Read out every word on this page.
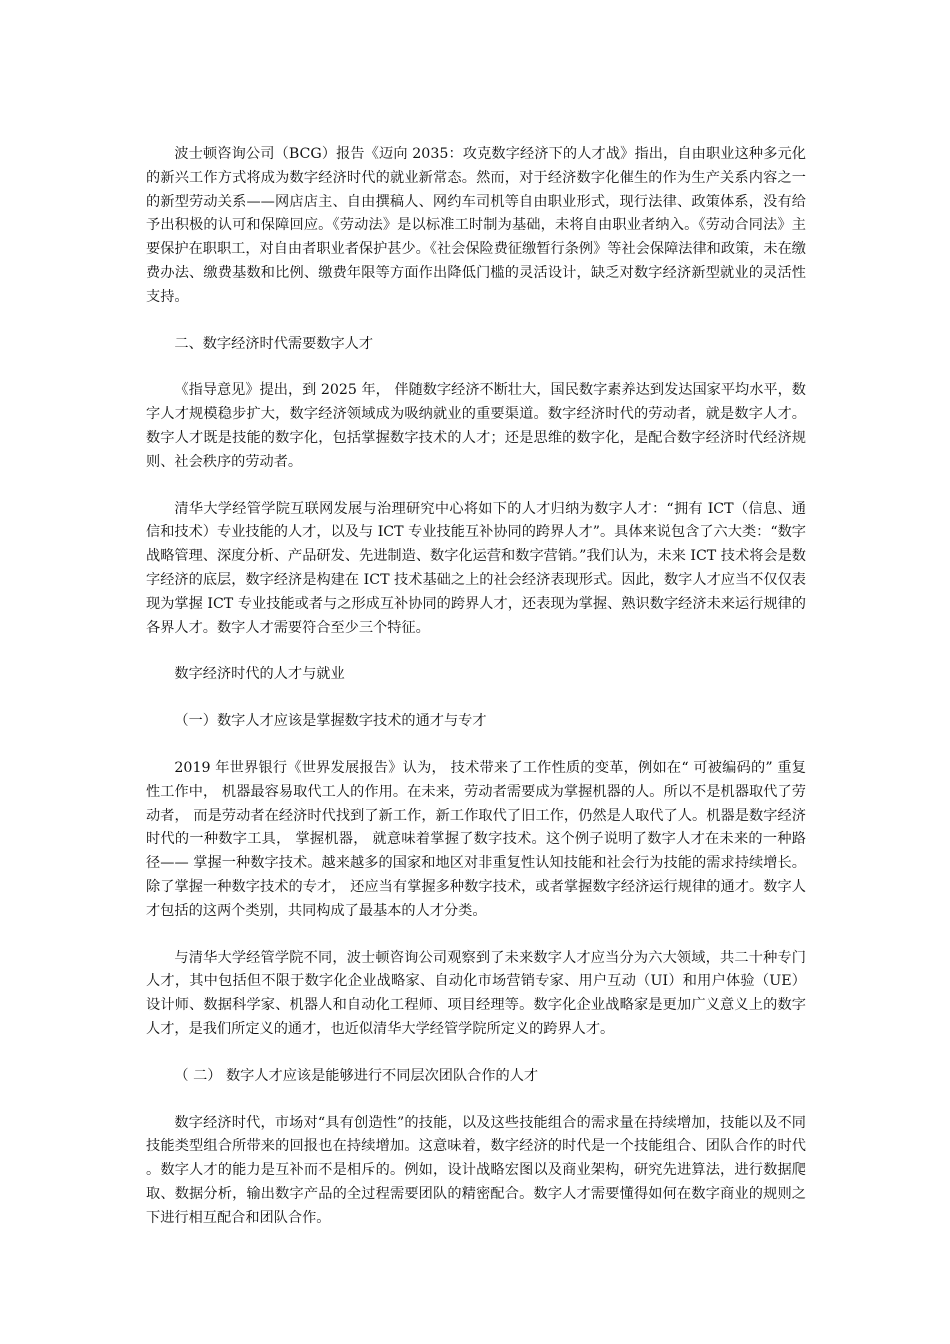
波士顿咨询公司（BCG）报告《迈向 2035：攻克数字经济下的人才战》指出，自由职业这种多元化的新兴工作方式将成为数字经济时代的就业新常态。然而，对于经济数字化催生的作为生产关系内容之一的新型劳动关系——网店店主、自由撰稿人、网约车司机等自由职业形式，现行法律、政策体系，没有给予出积极的认可和保障回应。《劳动法》是以标准工时制为基础，未将自由职业者纳入。《劳动合同法》主要保护在职职工，对自由者职业者保护甚少。《社会保险费征缴暂行条例》等社会保障法律和政策，未在缴费办法、缴费基数和比例、缴费年限等方面作出降低门槛的灵活设计，缺乏对数字经济新型就业的灵活性支持。

二、数字经济时代需要数字人才

《指导意见》提出，到 2025 年， 伴随数字经济不断壮大，国民数字素养达到发达国家平均水平，数字人才规模稳步扩大，数字经济领域成为吸纳就业的重要渠道。数字经济时代的劳动者，就是数字人才。数字人才既是技能的数字化，包括掌握数字技术的人才；还是思维的数字化，是配合数字经济时代经济规则、社会秩序的劳动者。

清华大学经管学院互联网发展与治理研究中心将如下的人才归纳为数字人才：“拥有 ICT（信息、通信和技术）专业技能的人才，以及与 ICT 专业技能互补协同的跨界人才”。具体来说包含了六大类：“数字战略管理、深度分析、产品研发、先进制造、数字化运营和数字营销。”我们认为，未来 ICT 技术将会是数字经济的底层，数字经济是构建在 ICT 技术基础之上的社会经济表现形式。因此，数字人才应当不仅仅表现为掌握 ICT 专业技能或者与之形成互补协同的跨界人才，还表现为掌握、熟识数字经济未来运行规律的各界人才。数字人才需要符合至少三个特征。

数字经济时代的人才与就业

（一）数字人才应该是掌握数字技术的通才与专才

2019 年世界银行《世界发展报告》认为， 技术带来了工作性质的变革，例如在“ 可被编码的” 重复性工作中， 机器最容易取代工人的作用。在未来，劳动者需要成为掌握机器的人。所以不是机器取代了劳动者， 而是劳动者在经济时代找到了新工作，新工作取代了旧工作，仍然是人取代了人。机器是数字经济时代的一种数字工具， 掌握机器， 就意味着掌握了数字技术。这个例子说明了数字人才在未来的一种路径—— 掌握一种数字技术。越来越多的国家和地区对非重复性认知技能和社会行为技能的需求持续增长。除了掌握一种数字技术的专才， 还应当有掌握多种数字技术，或者掌握数字经济运行规律的通才。数字人才包括的这两个类别，共同构成了最基本的人才分类。

与清华大学经管学院不同，波士顿咨询公司观察到了未来数字人才应当分为六大领域，共二十种专门人才，其中包括但不限于数字化企业战略家、自动化市场营销专家、用户互动（UI）和用户体验（UE）设计师、数据科学家、机器人和自动化工程师、项目经理等。数字化企业战略家是更加广义意义上的数字人才，是我们所定义的通才，也近似清华大学经管学院所定义的跨界人才。

（ 二） 数字人才应该是能够进行不同层次团队合作的人才

数字经济时代，市场对“具有创造性”的技能，以及这些技能组合的需求量在持续增加，技能以及不同技能类型组合所带来的回报也在持续增加。这意味着，数字经济的时代是一个技能组合、团队合作的时代。数字人才的能力是互补而不是相斥的。例如，设计战略宏图以及商业架构，研究先进算法，进行数据爬取、数据分析，输出数字产品的全过程需要团队的精密配合。数字人才需要懂得如何在数字商业的规则之下进行相互配合和团队合作。
